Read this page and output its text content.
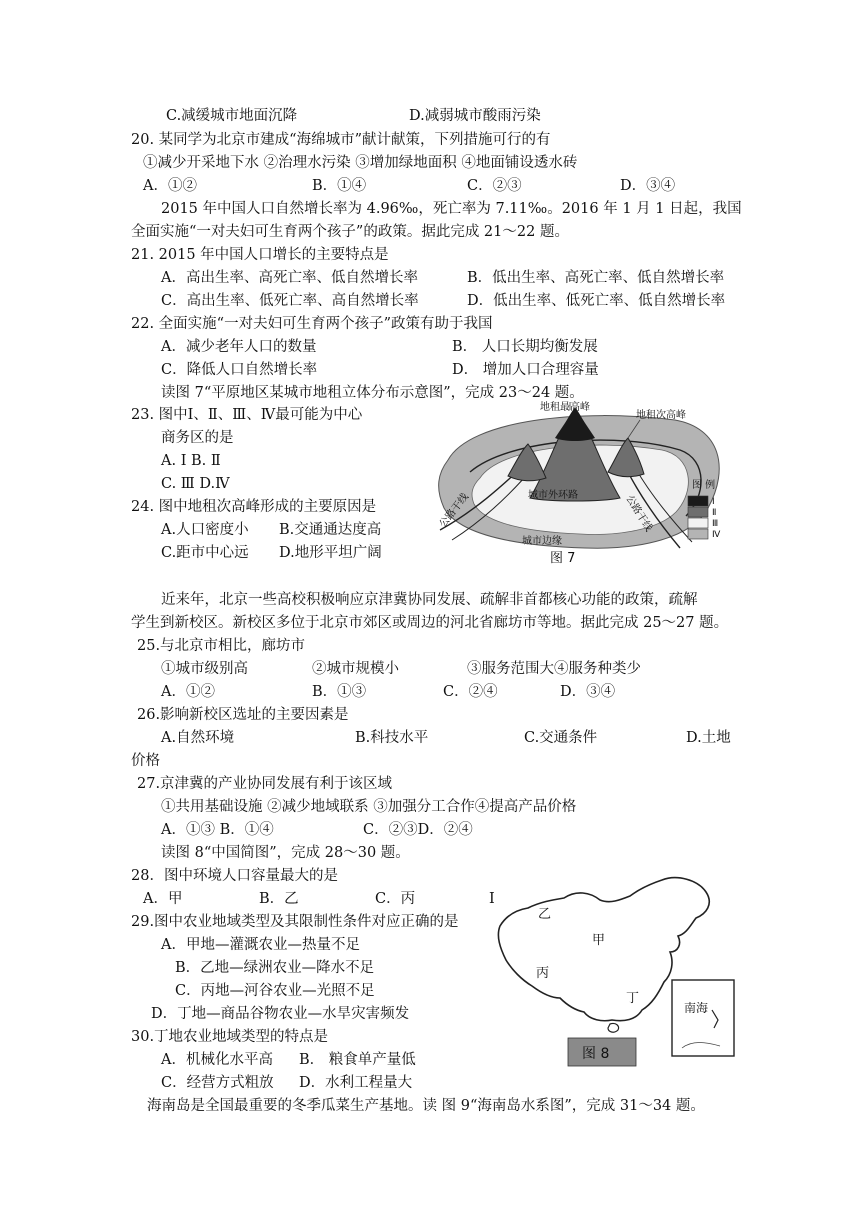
C.减缓城市地面沉降	D.减弱城市酸雨污染
20. 某同学为北京市建成“海绵城市”献计献策，下列措施可行的有
①减少开采地下水 ②治理水污染 ③增加绿地面积 ④地面铺设透水砖
A．①②	B．①④	C．②③	D．③④
2015 年中国人口自然增长率为 4.96‰，死亡率为 7.11‰。2016 年 1 月 1 日起，我国
全面实施“一对夫妇可生育两个孩子”的政策。据此完成 21～22 题。
21. 2015 年中国人口增长的主要特点是
A．高出生率、高死亡率、低自然增长率	B．低出生率、高死亡率、低自然增长率
C．高出生率、低死亡率、高自然增长率	D．低出生率、低死亡率、低自然增长率
22. 全面实施“一对夫妇可生育两个孩子”政策有助于我国
A．减少老年人口的数量	B． 人口长期均衡发展
C．降低人口自然增长率	D． 增加人口合理容量
读图 7“平原地区某城市地租立体分布示意图”，完成 23～24 题。
23. 图中Ⅰ、Ⅱ、Ⅲ、Ⅳ最可能为中心
商务区的是
A. Ⅰ B. Ⅱ
C. Ⅲ D.Ⅳ
24. 图中地租次高峰形成的主要原因是
A.人口密度小 B.交通通达度高
C.距市中心远 D.地形平坦广阔
近来年，北京一些高校积极响应京津冀协同发展、疏解非首都核心功能的政策，疏解
学生到新校区。新校区多位于北京市郊区或周边的河北省廊坊市等地。据此完成 25～27 题。
25.与北京市相比，廊坊市
①城市级别高	②城市规模小	③服务范围大④服务种类少
A．①②	B．①③	C．②④	D．③④
26.影响新校区选址的主要因素是
A.自然环境	B.科技水平	C.交通条件	D.土地
价格
27.京津冀的产业协同发展有利于该区域
①共用基础设施 ②减少地域联系 ③加强分工合作④提高产品价格
A．①③ B．①④	C．②③D．②④
读图 8“中国简图”，完成 28～30 题。
28．图中环境人口容量最大的是
A．甲	B．乙	C．丙	I
29.图中农业地域类型及其限制性条件对应正确的是
A．甲地—灌溉农业—热量不足
B．乙地—绿洲农业—降水不足
C．丙地—河谷农业—光照不足
D．丁地—商品谷物农业—水旱灾害频发
30.丁地农业地域类型的特点是
A．机械化水平高 B． 粮食单产量低
C．经营方式粗放 D．水利工程量大
海南岛是全国最重要的冬季瓜菜生产基地。读 图 9“海南岛水系图”，完成 31～34 题。
地租最高峰
地租次高峰
城市外环路
公路干线	公路干线
城市边缘
图 7
图 例
Ⅰ
Ⅱ
Ⅲ
Ⅳ
乙
甲
丙
丁
南海
图 8
